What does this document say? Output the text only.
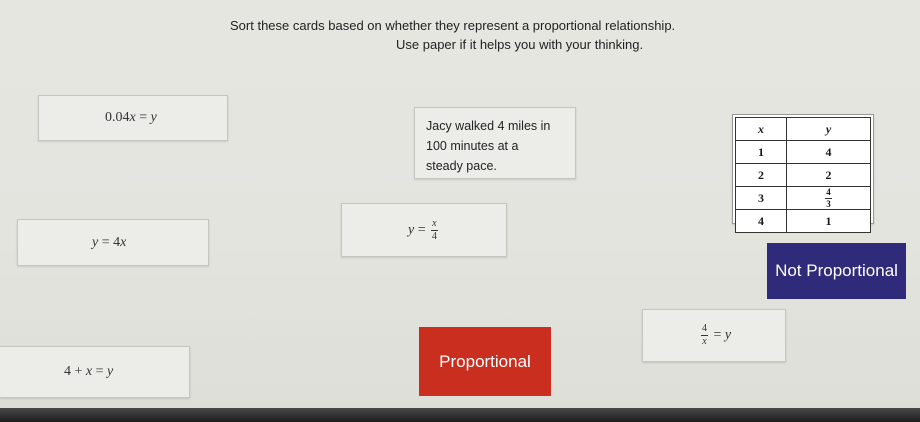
Sort these cards based on whether they represent a proportional relationship.
Use paper if it helps you with your thinking.
0.04x = y
Jacy walked 4 miles in
100 minutes at a
steady pace.
x	y
1	4
2	2
3	$\frac{4}{3}$

4	1
y = 4x
$y = \frac{x}{4}$
Not Proportional
$\frac{4}{x} = y$
Proportional
4 + x = y
